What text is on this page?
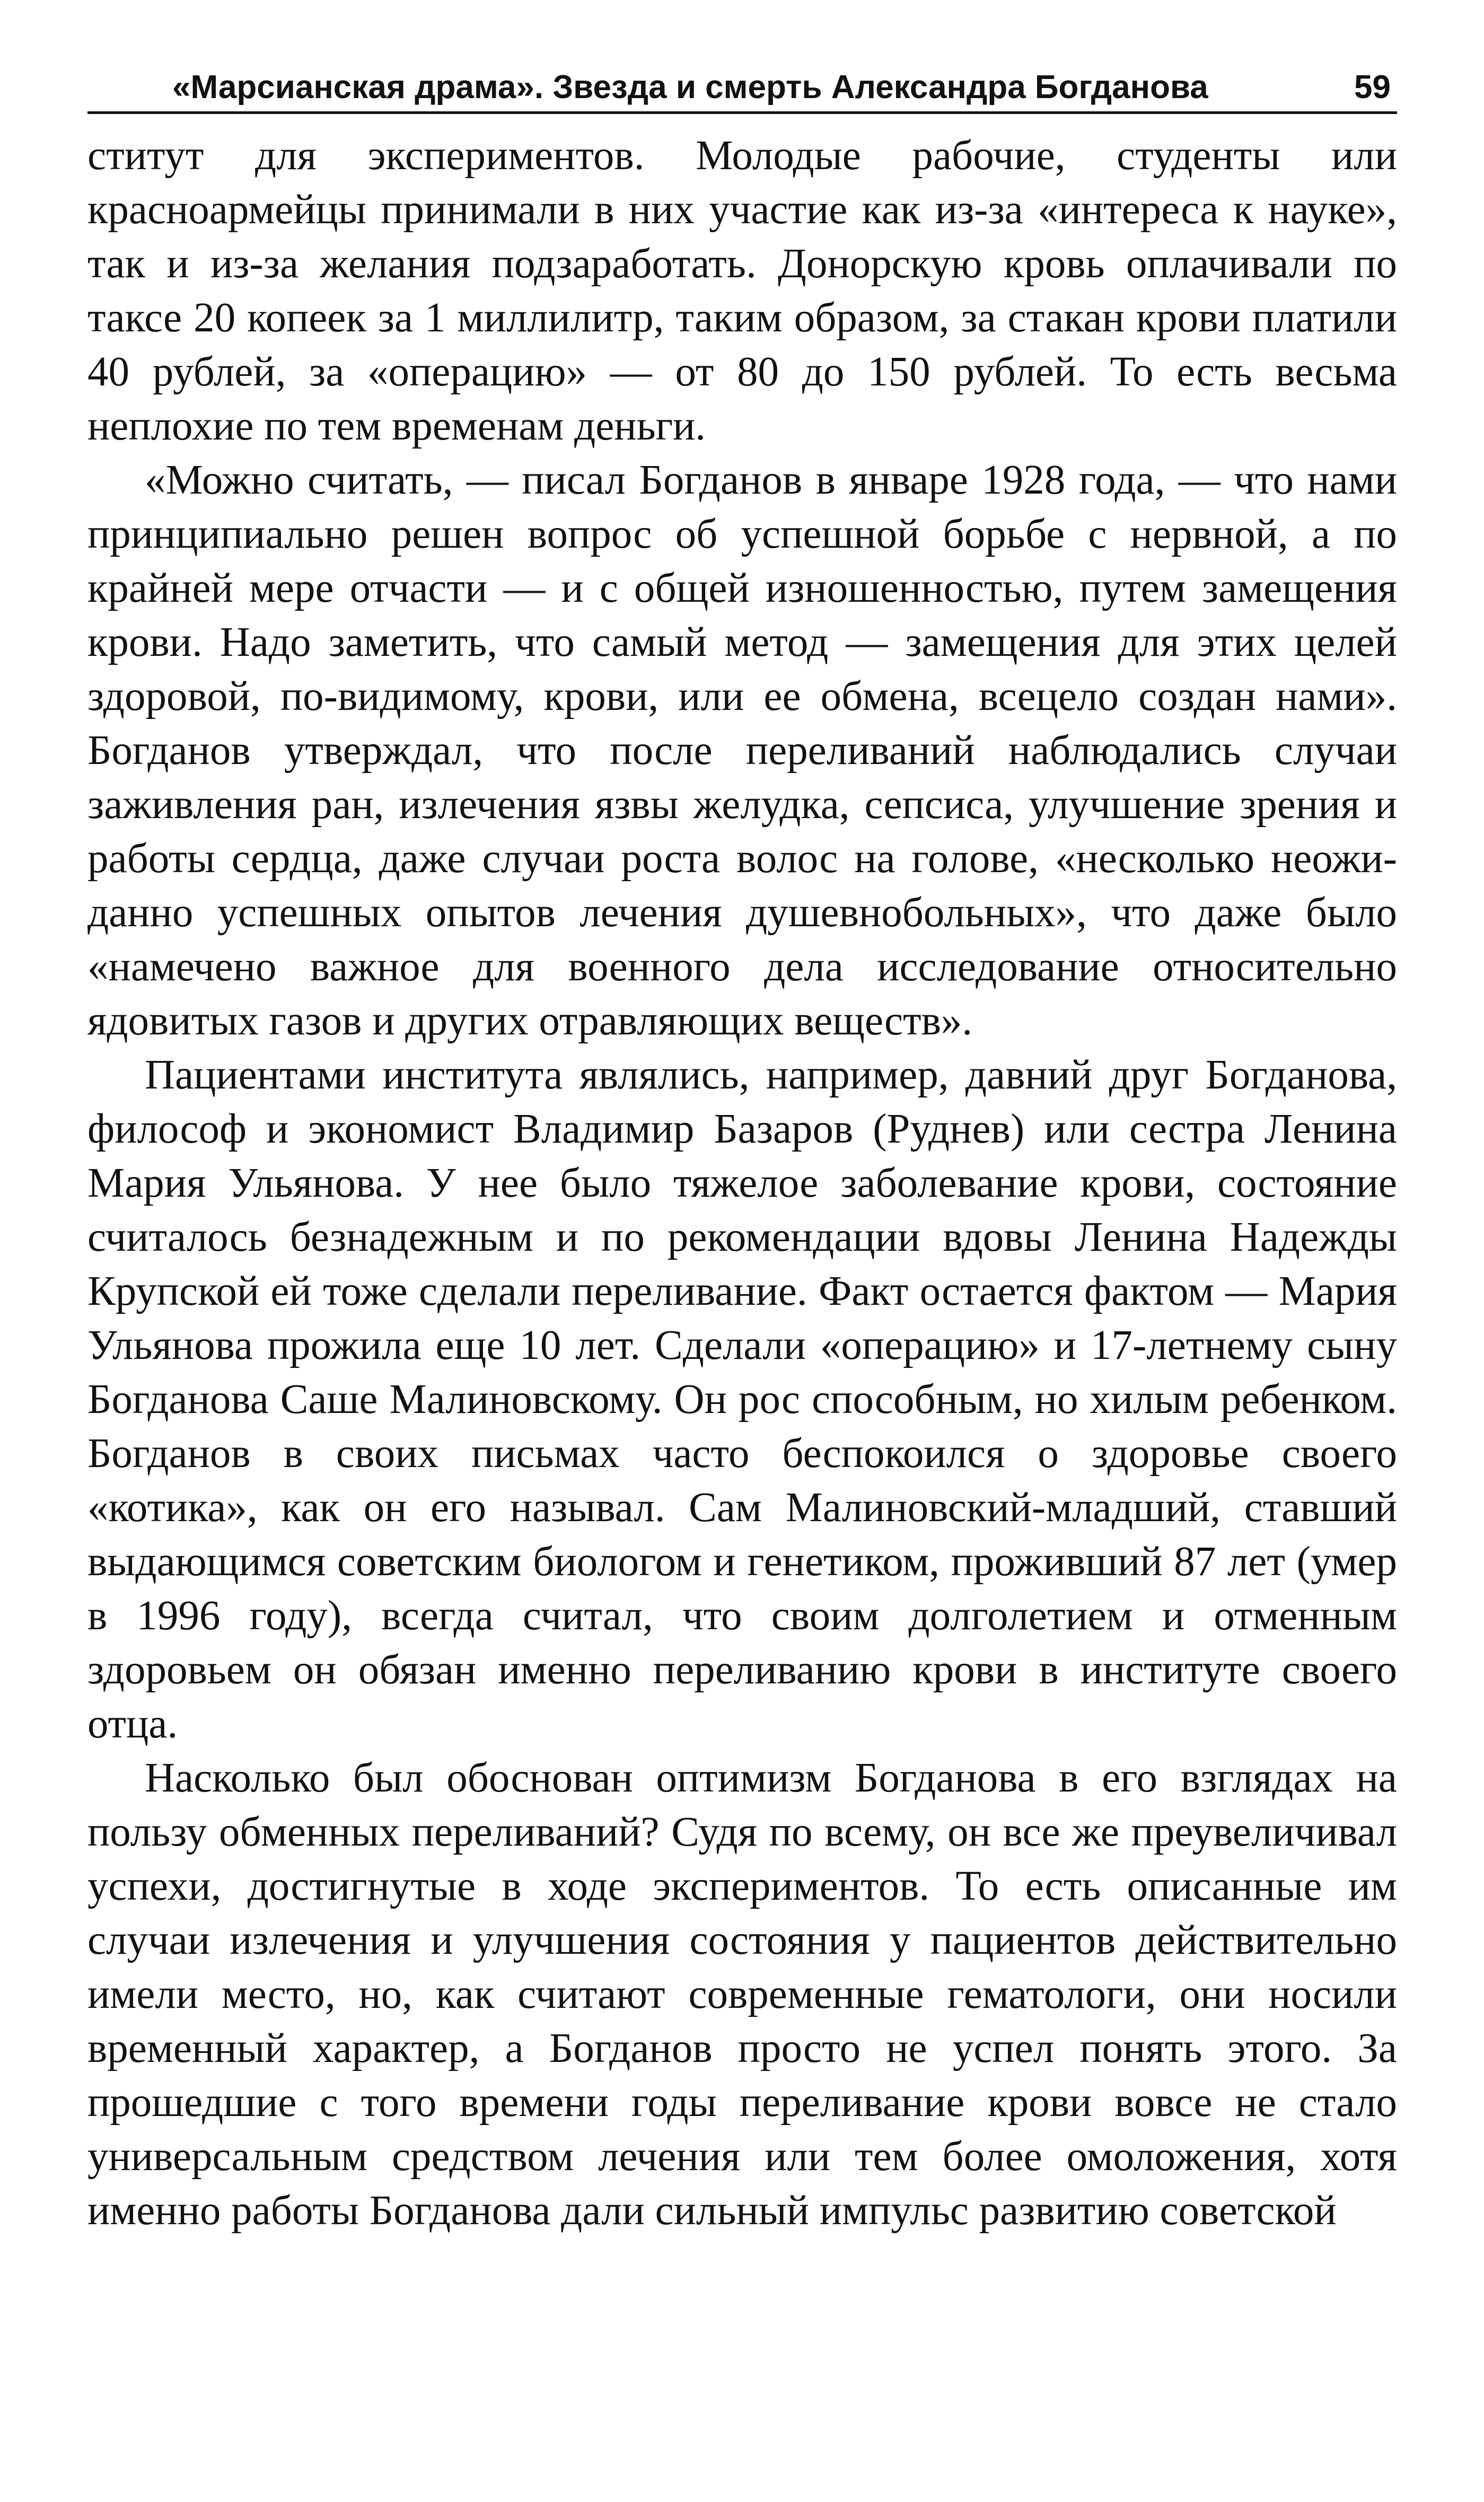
«Марсианская драма». Звезда и смерть Александра Богданова	59

ститут для экспериментов. Молодые рабочие, студенты или красноармейцы принимали в них участие как из-за «интереса к науке», так и из-за желания подзаработать. Донорскую кровь оплачивали по таксе 20 копеек за 1 миллилитр, таким образом, за стакан крови платили 40 рублей, за «операцию» — от 80 до 150 рублей. То есть весьма неплохие по тем временам деньги.

«Можно считать, — писал Богданов в январе 1928 года, — что нами принципиально решен вопрос об успешной борьбе с нервной, а по крайней мере отчасти — и с общей изношенностью, путем замещения крови. Надо заметить, что самый метод — замещения для этих целей здоровой, по-видимому, крови, или ее обмена, всецело создан нами». Богданов утверждал, что после переливаний наблюдались случаи заживления ран, излечения язвы желудка, сепсиса, улучшение зрения и работы сердца, даже случаи роста волос на голове, «несколько неожиданно успешных опытов лечения душевнобольных», что даже было «намечено важное для военного дела исследование относительно ядовитых газов и других отравляющих веществ».

Пациентами института являлись, например, давний друг Богданова, философ и экономист Владимир Базаров (Руднев) или сестра Ленина Мария Ульянова. У нее было тяжелое заболевание крови, состояние считалось безнадежным и по рекомендации вдовы Ленина Надежды Крупской ей тоже сделали переливание. Факт остается фактом — Мария Ульянова прожила еще 10 лет. Сделали «операцию» и 17-летнему сыну Богданова Саше Малиновскому. Он рос способным, но хилым ребенком. Богданов в своих письмах часто беспокоился о здоровье своего «котика», как он его называл. Сам Малиновский-младший, ставший выдающимся советским биологом и генетиком, проживший 87 лет (умер в 1996 году), всегда считал, что своим долголетием и отменным здоровьем он обязан именно переливанию крови в институте своего отца.

Насколько был обоснован оптимизм Богданова в его взглядах на пользу обменных переливаний? Судя по всему, он все же преувеличивал успехи, достигнутые в ходе экспериментов. То есть описанные им случаи излечения и улучшения состояния у пациентов действительно имели место, но, как считают современные гематологи, они носили временный характер, а Богданов просто не успел понять этого. За прошедшие с того времени годы переливание крови вовсе не стало универсальным средством лечения или тем более омоложения, хотя именно работы Богданова дали сильный импульс развитию советской
